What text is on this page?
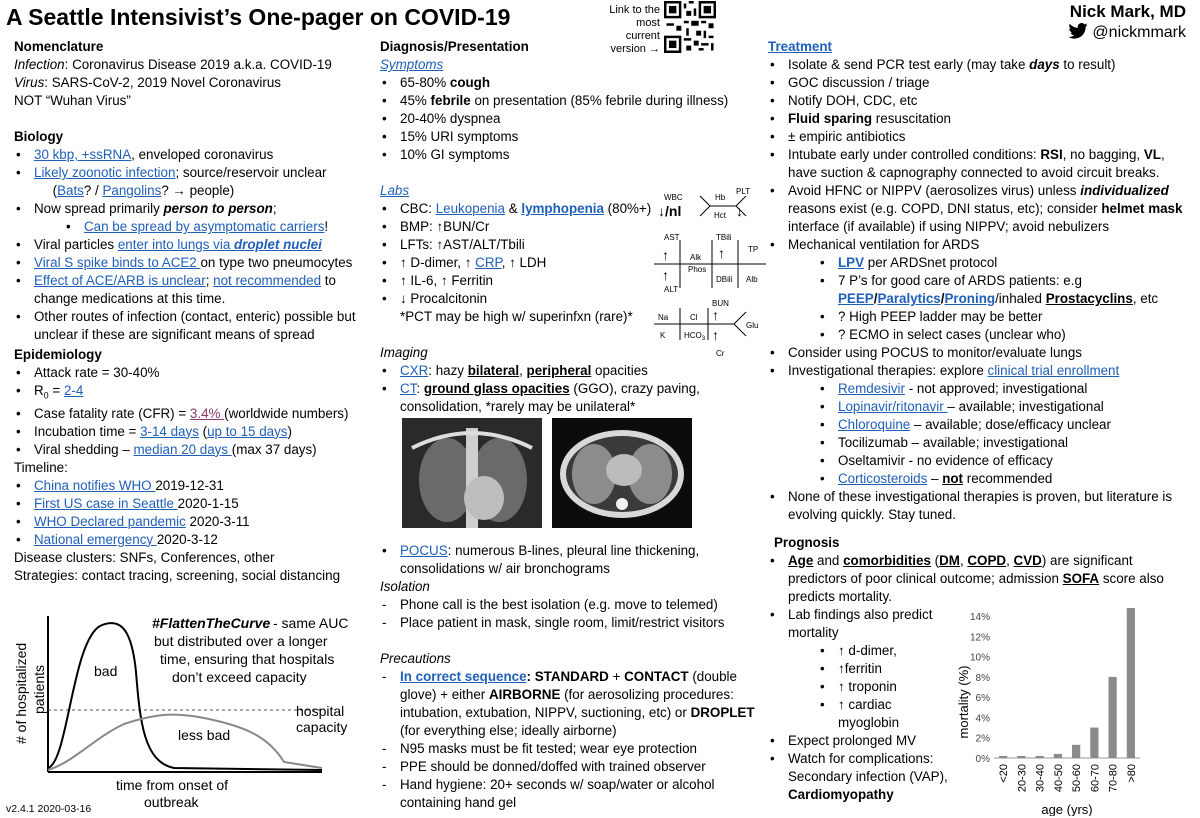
A Seattle Intensivist’s One-pager on COVID-19	Link to the most current version →
Nick Mark, MD
@nickmmark
Nomenclature
Infection: Coronavirus Disease 2019 a.k.a. COVID-19
Virus: SARS-CoV-2, 2019 Novel Coronavirus
NOT “Wuhan Virus”
Biology
• 30 kbp, +ssRNA, enveloped coronavirus
• Likely zoonotic infection; source/reservoir unclear
(Bats? / Pangolins? → people)
• Now spread primarily person to person;
• Can be spread by asymptomatic carriers!
• Viral particles enter into lungs via droplet nuclei
• Viral S spike binds to ACE2 on type two pneumocytes
• Effect of ACE/ARB is unclear; not recommended to change medications at this time.
• Other routes of infection (contact, enteric) possible but unclear if these are significant means of spread
Epidemiology
• Attack rate = 30-40%
• $R_0 = 2-4$
• Case fatality rate (CFR) = 3.4% (worldwide numbers)
• Incubation time = 3-14 days (up to 15 days)
• Viral shedding – median 20 days (max 37 days)
Timeline:
• China notifies WHO 2019-12-31
• First US case in Seattle 2020-1-15
• WHO Declared pandemic 2020-3-11
• National emergency 2020-3-12
Disease clusters: SNFs, Conferences, other
Strategies: contact tracing, screening, social distancing
bad
less bad
hospital
capacity
#FlattenTheCurve - same AUC
but distributed over a longer
time, ensuring that hospitals
don’t exceed capacity
# of hospitalized patients
time from onset of
outbreak
v2.4.1 2020-03-16
Diagnosis/Presentation
Symptoms
• 65-80% cough
• 45% febrile on presentation (85% febrile during illness)
• 20-40% dyspnea
• 15% URI symptoms
• 10% GI symptoms
Labs
• CBC: Leukopenia & lymphopenia (80%+)
• BMP: ↑BUN/Cr
• LFTs: ↑AST/ALT/Tbili
• ↑ D-dimer, ↑ CRP, ↑ LDH
• ↑ IL-6, ↑ Ferritin
• ↓ Procalcitonin
*PCT may be high w/ superinfxn (rare)*
Imaging
• CXR: hazy bilateral, peripheral opacities
• CT: ground glass opacities (GGO), crazy paving, consolidation, *rarely may be unilateral*
• POCUS: numerous B-lines, pleural line thickening, consolidations w/ air bronchograms
Isolation
- Phone call is the best isolation (e.g. move to telemed)
- Place patient in mask, single room, limit/restrict visitors
Precautions
- In correct sequence: STANDARD + CONTACT (double glove) + either AIRBORNE (for aerosolizing procedures: intubation, extubation, NIPPV, suctioning, etc) or DROPLET (for everything else; ideally airborne)
- N95 masks must be fit tested; wear eye protection
- PPE should be donned/doffed with trained observer
- Hand hygiene: 20+ seconds w/ soap/water or alcohol containing hand gel
WBC	Hb
PLT
Hct
↓/nl	↓
AST
ALT
TBili
DBili
TP
Alb
Alk
Phos
↑
↑
↑
Na	Cl
BUN
K $HCO_3$
Cr
Glu
↑
↑
Treatment
• Isolate & send PCR test early (may take days to result)
• GOC discussion / triage
• Notify DOH, CDC, etc
• Fluid sparing resuscitation
• ± empiric antibiotics
• Intubate early under controlled conditions: RSI, no bagging, VL, have suction & capnography connected to avoid circuit breaks.
• Avoid HFNC or NIPPV (aerosolizes virus) unless individualized reasons exist (e.g. COPD, DNI status, etc); consider helmet mask interface (if available) if using NIPPV; avoid nebulizers
• Mechanical ventilation for ARDS
• LPV per ARDSnet protocol
• 7 P’s for good care of ARDS patients: e.g
PEEP/Paralytics/Proning/inhaled Prostacyclins, etc
• ? High PEEP ladder may be better
• ? ECMO in select cases (unclear who)
• Consider using POCUS to monitor/evaluate lungs
• Investigational therapies: explore clinical trial enrollment
• Remdesivir - not approved; investigational
• Lopinavir/ritonavir – available; investigational
• Chloroquine – available; dose/efficacy unclear
• Tocilizumab – available; investigational
• Oseltamivir - no evidence of efficacy
• Corticosteroids – not recommended
• None of these investigational therapies is proven, but literature is evolving quickly. Stay tuned.
Prognosis
• Age and comorbidities (DM, COPD, CVD) are significant predictors of poor clinical outcome; admission SOFA score also predicts mortality.
• Lab findings also predict mortality
• ↑ d-dimer,
• ↑ferritin
• ↑ troponin
• ↑ cardiac myoglobin
• Expect prolonged MV
• Watch for complications: Secondary infection (VAP), Cardiomyopathy
mortality (%)
age (yrs)
0%
2%
4%
6%
8%
10%
12%
14%
<20 20-30 30-40 40-50 50-60 60-70 70-80 >80
